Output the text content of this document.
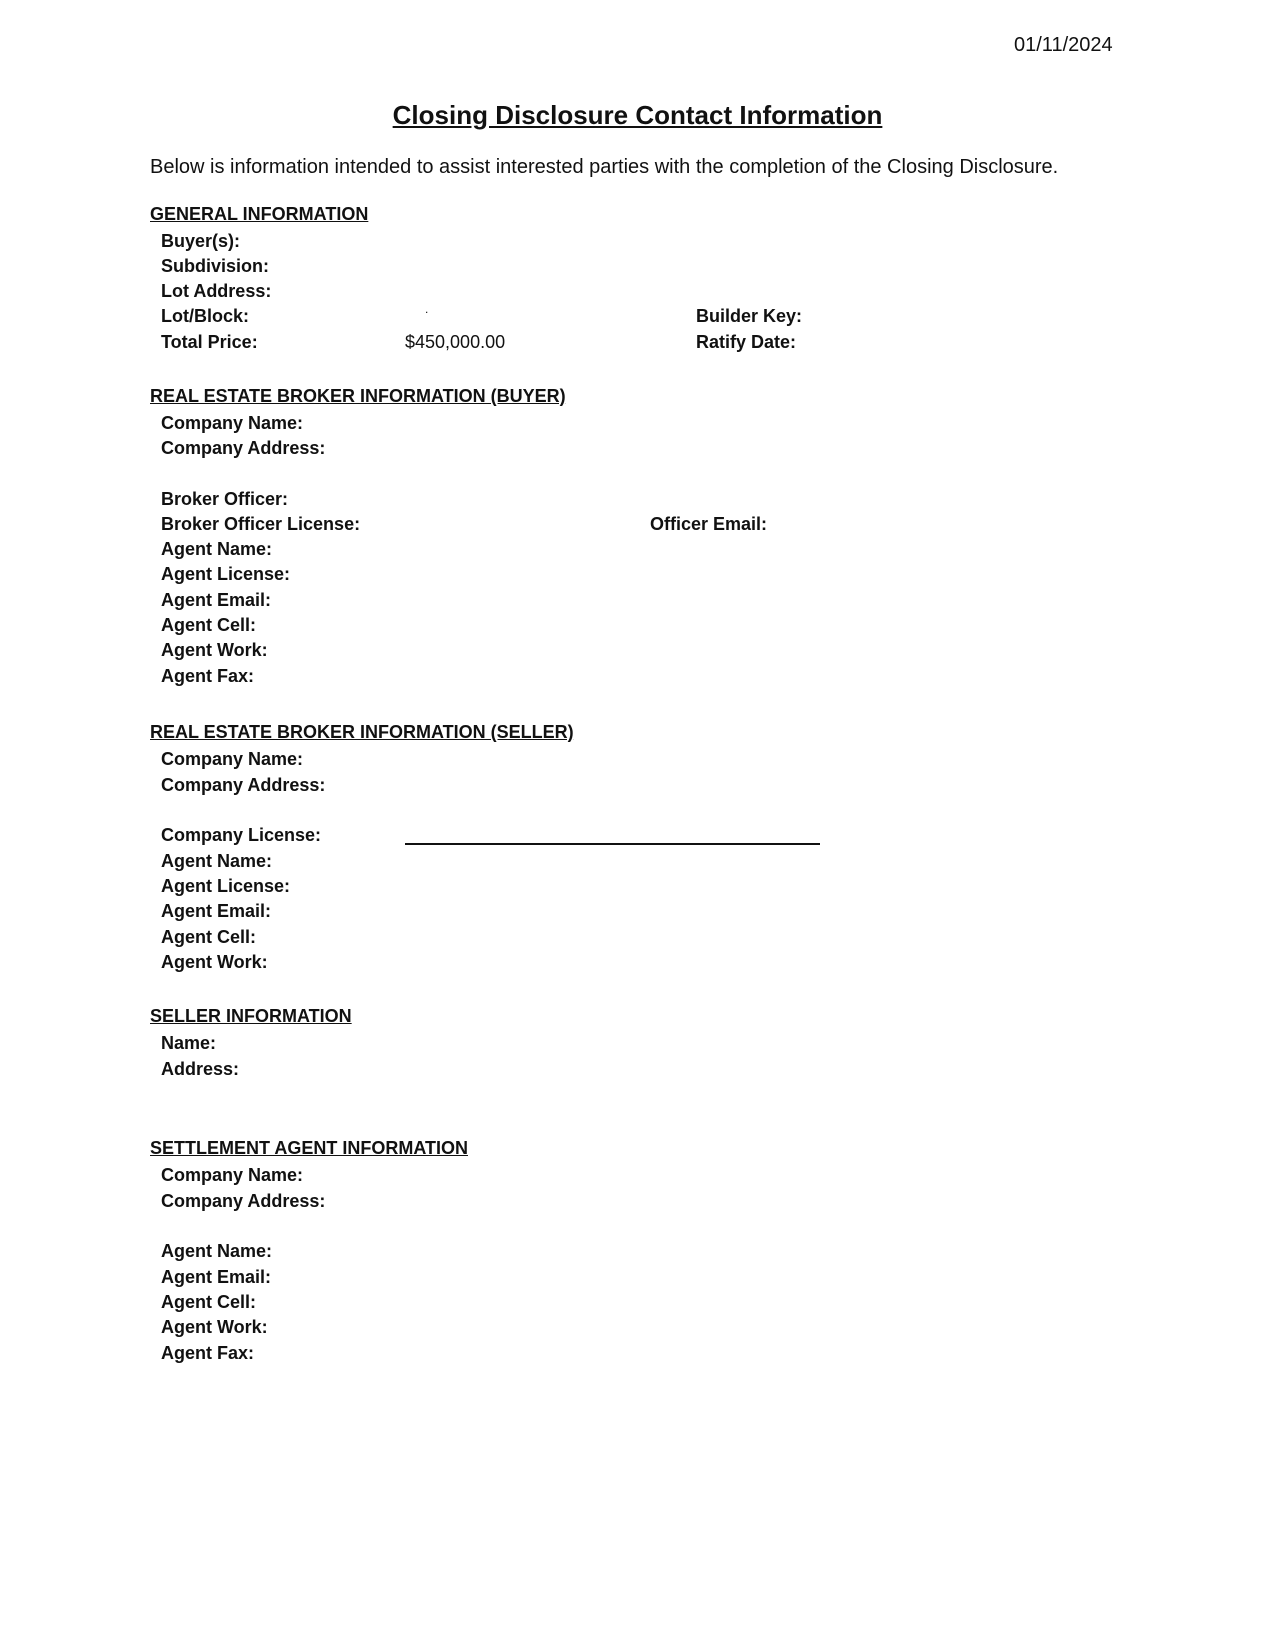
01/11/2024
Closing Disclosure Contact Information
Below is information intended to assist interested parties with the completion of the Closing Disclosure.
GENERAL INFORMATION
Buyer(s):
Subdivision:
Lot Address:
Lot/Block:	.	Builder Key:
Total Price:	$450,000.00	Ratify Date:
REAL ESTATE BROKER INFORMATION (BUYER)
Company Name:
Company Address:
Broker Officer:
Broker Officer License:	Officer Email:
Agent Name:
Agent License:
Agent Email:
Agent Cell:
Agent Work:
Agent Fax:
REAL ESTATE BROKER INFORMATION (SELLER)
Company Name:
Company Address:
Company License:
Agent Name:
Agent License:
Agent Email:
Agent Cell:
Agent Work:
SELLER INFORMATION
Name:
Address:
SETTLEMENT AGENT INFORMATION
Company Name:
Company Address:
Agent Name:
Agent Email:
Agent Cell:
Agent Work:
Agent Fax:
